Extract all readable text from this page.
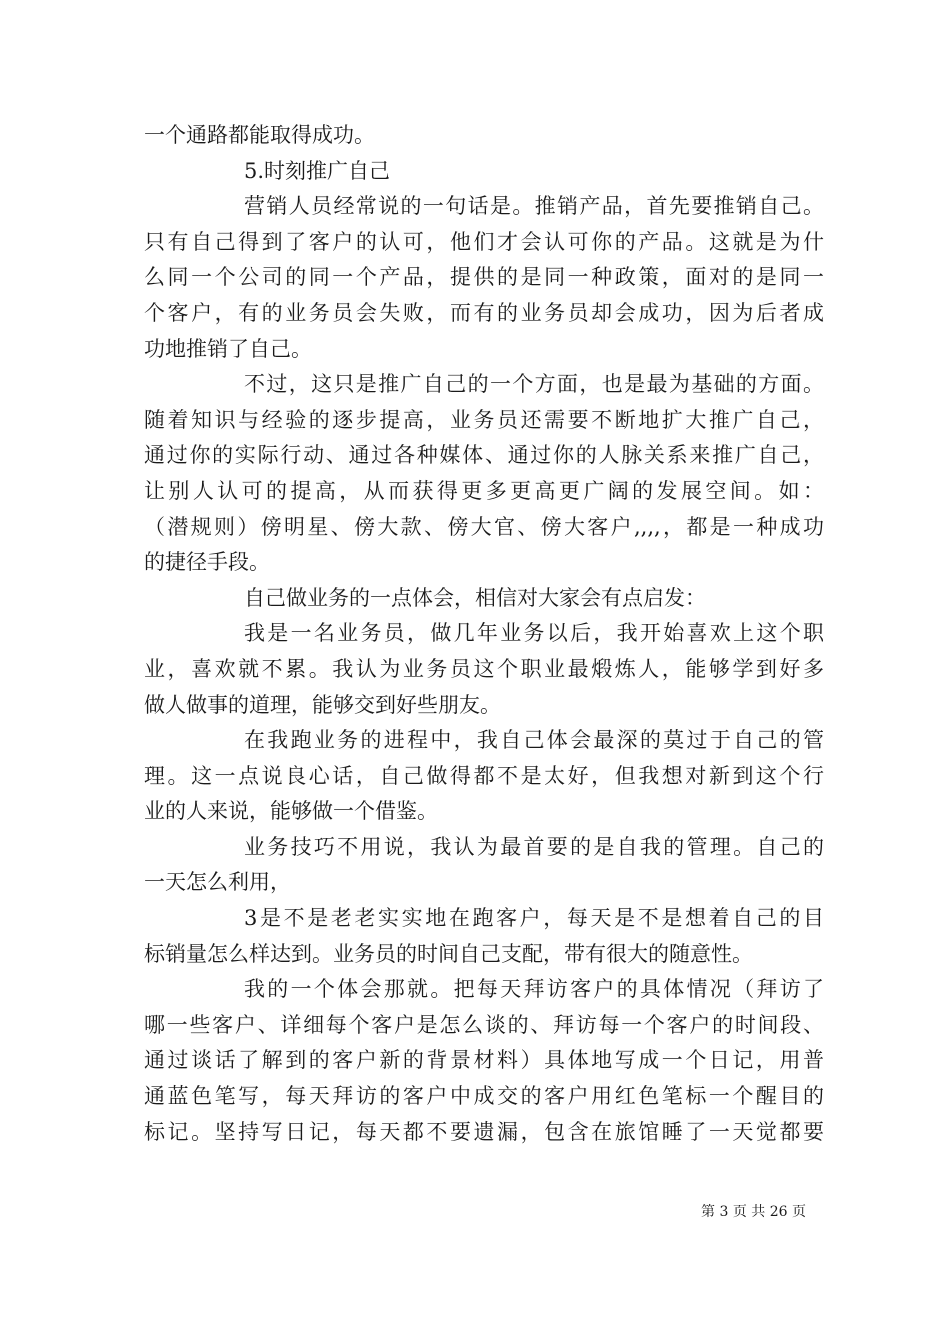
一个通路都能取得成功。
5.时刻推广自己
营销人员经常说的一句话是。推销产品，首先要推销自己。
只有自己得到了客户的认可，他们才会认可你的产品。这就是为什
么同一个公司的同一个产品，提供的是同一种政策，面对的是同一
个客户，有的业务员会失败，而有的业务员却会成功，因为后者成
功地推销了自己。
不过，这只是推广自己的一个方面，也是最为基础的方面。
随着知识与经验的逐步提高，业务员还需要不断地扩大推广自己，
通过你的实际行动、通过各种媒体、通过你的人脉关系来推广自己，
让别人认可的提高，从而获得更多更高更广阔的发展空间。如：
（潜规则）傍明星、傍大款、傍大官、傍大客户,,,,，都是一种成功
的捷径手段。
自己做业务的一点体会，相信对大家会有点启发：
我是一名业务员，做几年业务以后，我开始喜欢上这个职
业，喜欢就不累。我认为业务员这个职业最煅炼人，能够学到好多
做人做事的道理，能够交到好些朋友。
在我跑业务的进程中，我自己体会最深的莫过于自己的管
理。这一点说良心话，自己做得都不是太好，但我想对新到这个行
业的人来说，能够做一个借鉴。
业务技巧不用说，我认为最首要的是自我的管理。自己的
一天怎么利用，
3是不是老老实实地在跑客户，每天是不是想着自己的目
标销量怎么样达到。业务员的时间自己支配，带有很大的随意性。
我的一个体会那就。把每天拜访客户的具体情况（拜访了
哪一些客户、详细每个客户是怎么谈的、拜访每一个客户的时间段、
通过谈话了解到的客户新的背景材料）具体地写成一个日记，用普
通蓝色笔写，每天拜访的客户中成交的客户用红色笔标一个醒目的
标记。坚持写日记，每天都不要遗漏，包含在旅馆睡了一天觉都要
第 3 页 共 26 页
